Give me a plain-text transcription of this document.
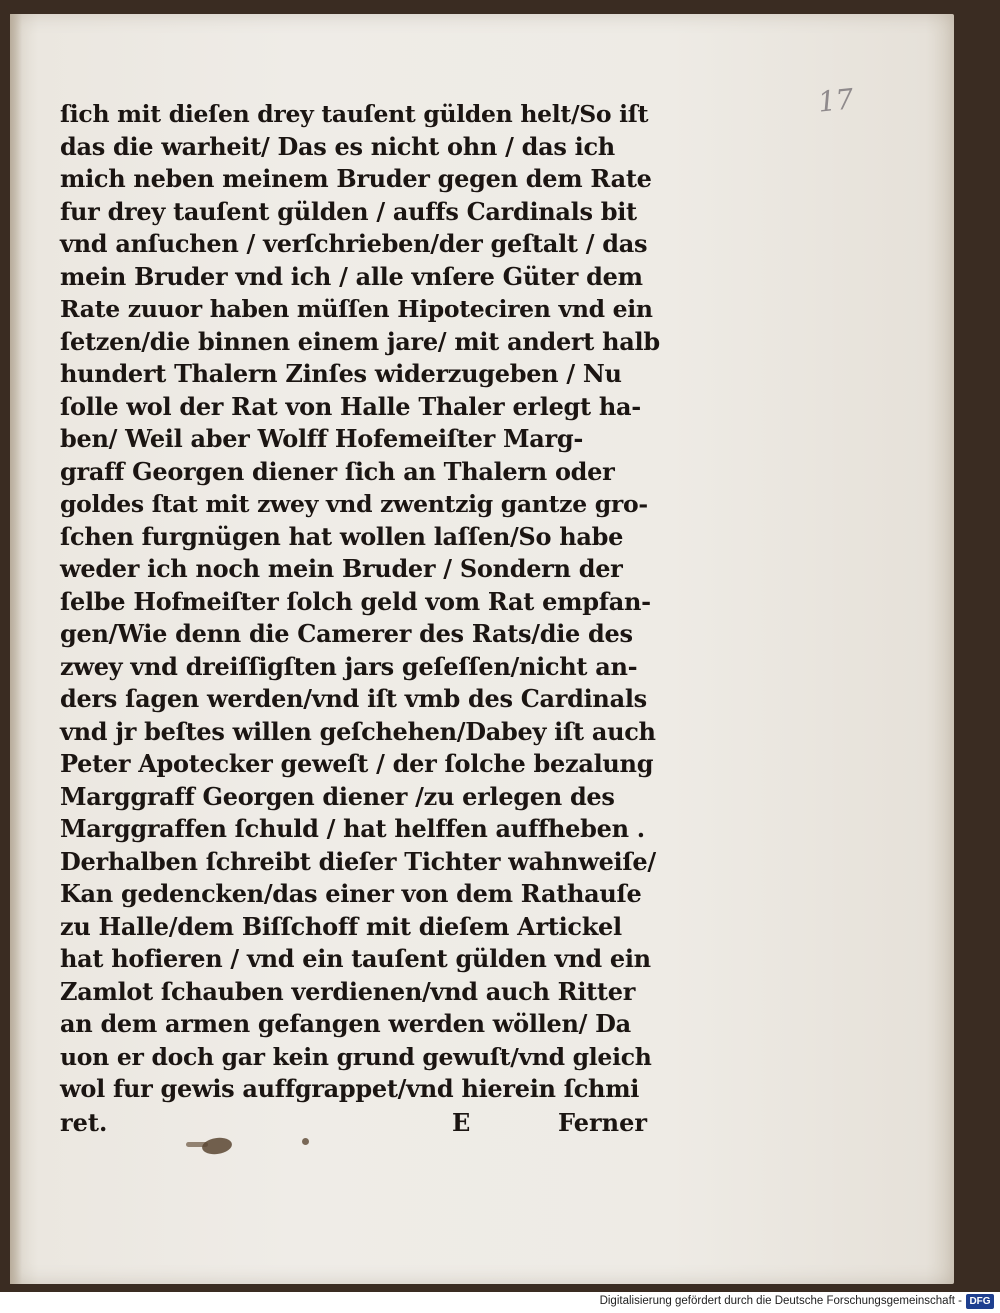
17
ſich mit dieſen drey tauſent gülden helt/So iſt
das die warheit/ Das es nicht ohn / das ich
mich neben meinem Bruder gegen dem Rate
fur drey tauſent gülden / auffs Cardinals bit
vnd anſuchen / verſchrieben/der geſtalt / das
mein Bruder vnd ich / alle vnſere Güter dem
Rate zuuor haben müſſen Hipoteciren vnd ein
ſetzen/die binnen einem jare/ mit andert halb
hundert Thalern Zinſes widerzugeben / Nu
ſolle wol der Rat von Halle Thaler erlegt ha-
ben/ Weil aber Wolff Hofemeiſter Marg-
graff Georgen diener ſich an Thalern oder
goldes ſtat mit zwey vnd zwentzig gantze gro-
ſchen furgnügen hat wollen laſſen/So habe
weder ich noch mein Bruder / Sondern der
ſelbe Hofmeiſter ſolch geld vom Rat empfan-
gen/Wie denn die Camerer des Rats/die des
zwey vnd dreiſſigſten jars geſeſſen/nicht an-
ders ſagen werden/vnd iſt vmb des Cardinals
vnd jr beſtes willen geſchehen/Dabey iſt auch
Peter Apotecker geweſt / der ſolche bezalung
Marggraff Georgen diener /zu erlegen des
Marggraffen ſchuld / hat helffen auffheben .
Derhalben ſchreibt dieſer Tichter wahnweiſe/
Kan gedencken/das einer von dem Rathauſe
zu Halle/dem Biſſchoff mit dieſem Artickel
hat hofieren / vnd ein tauſent gülden vnd ein
Zamlot ſchauben verdienen/vnd auch Ritter
an dem armen gefangen werden wöllen/ Da
uon er doch gar kein grund gewuſt/vnd gleich
wol fur gewis auffgrappet/vnd hierein ſchmi
ret.	E	Ferner
Digitalisierung gefördert durch die Deutsche Forschungsgemeinschaft - DFG
